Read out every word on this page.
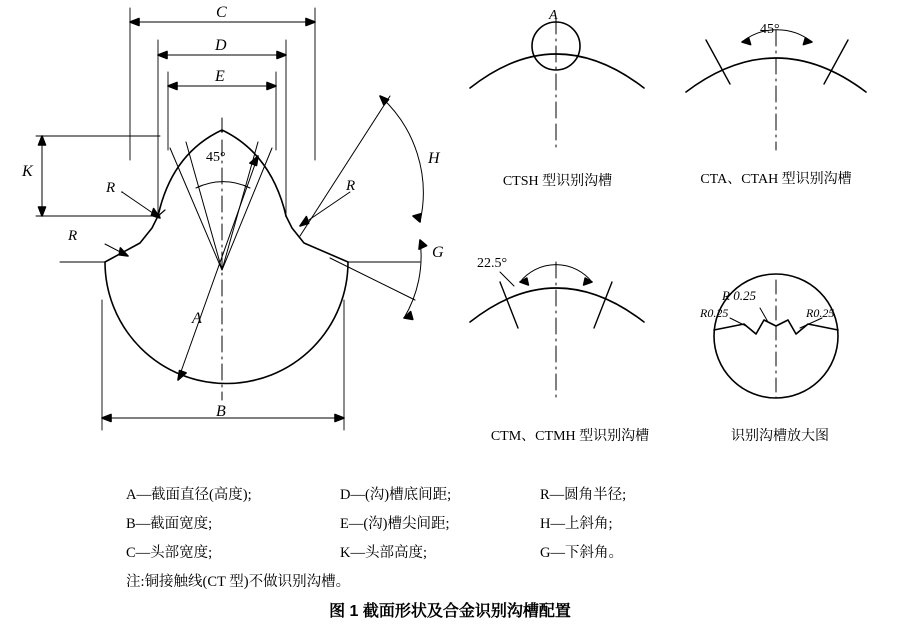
C
D
E
K
B
A
H
G
R	R
R
45°
A
CTSH 型识别沟槽
45°
CTA、CTAH 型识别沟槽
22.5°
CTM、CTMH 型识别沟槽
R 0.25
R0.25	R0.25
识别沟槽放大图
A—截面直径(高度);
B—截面宽度;
C—头部宽度;
D—(沟)槽底间距;
E—(沟)槽尖间距;
K—头部高度;
R—圆角半径;
H—上斜角;
G—下斜角。
注:铜接触线(CT 型)不做识别沟槽。
图 1 截面形状及合金识别沟槽配置
